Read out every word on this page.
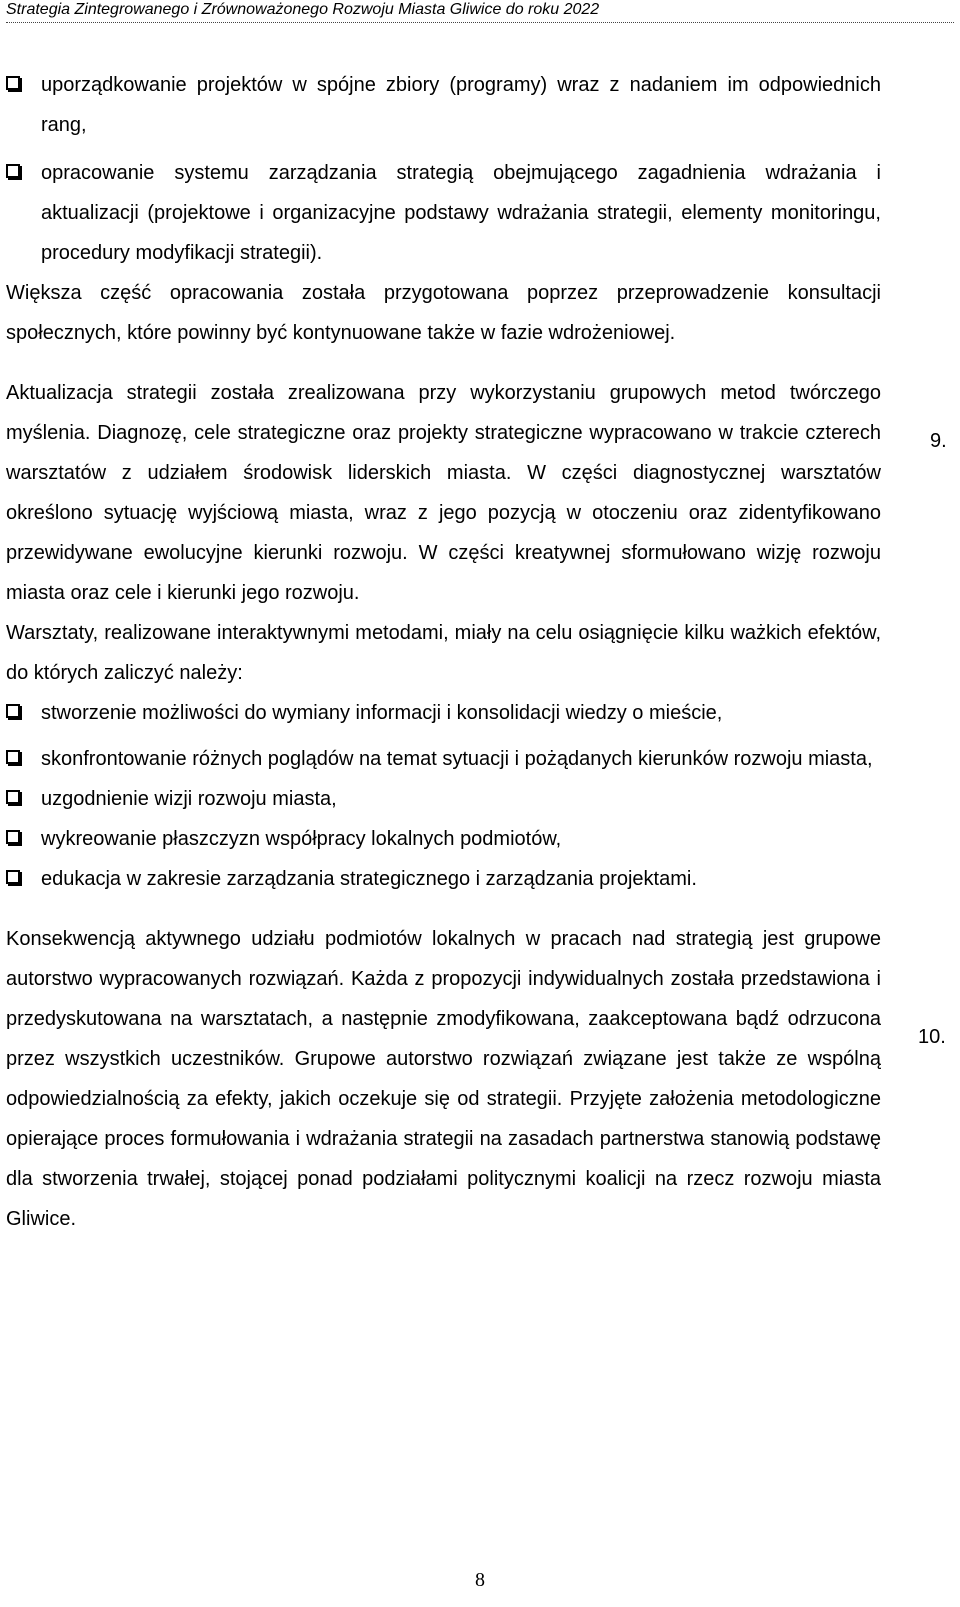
Strategia Zintegrowanego i Zrównoważonego Rozwoju Miasta Gliwice do roku 2022
uporządkowanie projektów w spójne zbiory (programy) wraz z nadaniem im odpowiednich rang,
opracowanie systemu zarządzania strategią obejmującego zagadnienia wdrażania i aktualizacji (projektowe i organizacyjne podstawy wdrażania strategii, elementy monitoringu, procedury modyfikacji strategii).

Większa część opracowania została przygotowana poprzez przeprowadzenie konsultacji społecznych, które powinny być kontynuowane także w fazie wdrożeniowej.

Aktualizacja strategii została zrealizowana przy wykorzystaniu grupowych metod twórczego myślenia. Diagnozę, cele strategiczne oraz projekty strategiczne wypracowano w trakcie czterech warsztatów z udziałem środowisk liderskich miasta. W części diagnostycznej warsztatów określono sytuację wyjściową miasta, wraz z jego pozycją w otoczeniu oraz zidentyfikowano przewidywane ewolucyjne kierunki rozwoju. W części kreatywnej sformułowano wizję rozwoju miasta oraz cele i kierunki jego rozwoju.

Warsztaty, realizowane interaktywnymi metodami, miały na celu osiągnięcie kilku ważkich efektów, do których zaliczyć należy:

stworzenie możliwości do wymiany informacji i konsolidacji wiedzy o mieście,
skonfrontowanie różnych poglądów na temat sytuacji i pożądanych kierunków rozwoju miasta,
uzgodnienie wizji rozwoju miasta,
wykreowanie płaszczyzn współpracy lokalnych podmiotów,
edukacja w zakresie zarządzania strategicznego i zarządzania projektami.

Konsekwencją aktywnego udziału podmiotów lokalnych w pracach nad strategią jest grupowe autorstwo wypracowanych rozwiązań. Każda z propozycji indywidualnych została przedstawiona i przedyskutowana na warsztatach, a następnie zmodyfikowana, zaakceptowana bądź odrzucona przez wszystkich uczestników. Grupowe autorstwo rozwiązań związane jest także ze wspólną odpowiedzialnością za efekty, jakich oczekuje się od strategii. Przyjęte założenia metodologiczne opierające proces formułowania i wdrażania strategii na zasadach partnerstwa stanowią podstawę dla stworzenia trwałej, stojącej ponad podziałami politycznymi koalicji na rzecz rozwoju miasta Gliwice.

9.
10.
8
